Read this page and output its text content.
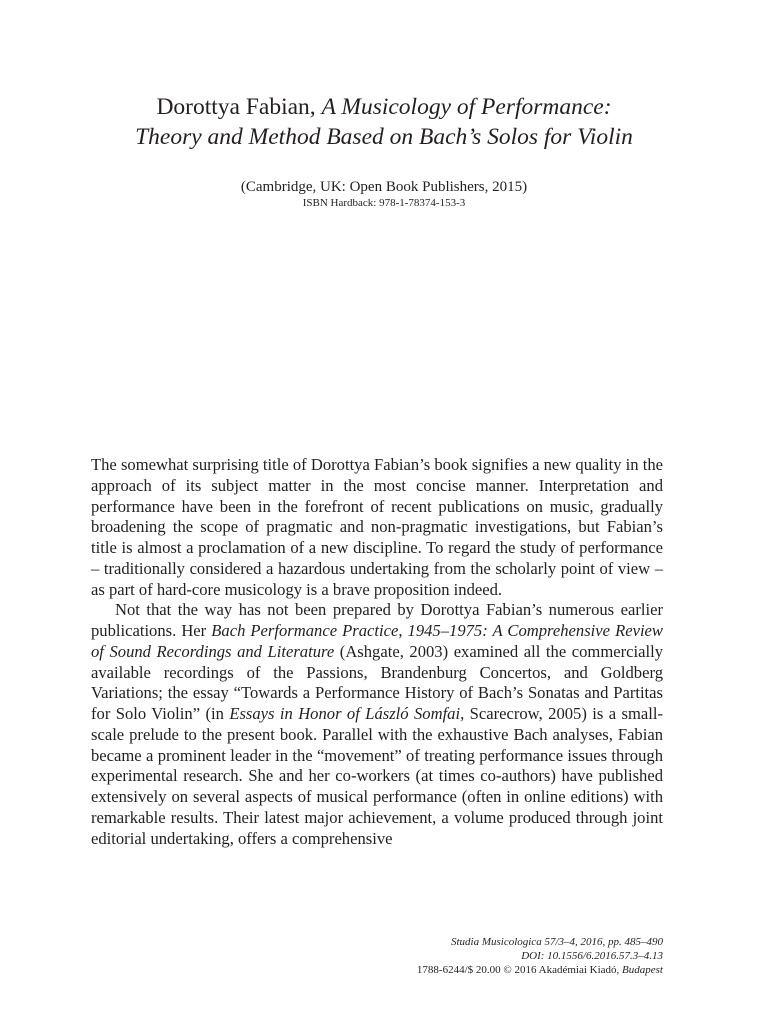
Dorottya Fabian, A Musicology of Performance:
Theory and Method Based on Bach’s Solos for Violin
(Cambridge, UK: Open Book Publishers, 2015)
ISBN Hardback: 978-1-78374-153-3

The somewhat surprising title of Dorottya Fabian’s book signifies a new quality in the approach of its subject matter in the most concise manner. Interpretation and performance have been in the forefront of recent publications on music, gradually broadening the scope of pragmatic and non-pragmatic investigations, but Fabian’s title is almost a proclamation of a new discipline. To regard the study of performance – traditionally considered a hazardous undertaking from the scholarly point of view – as part of hard-core musicology is a brave proposition indeed.

Not that the way has not been prepared by Dorottya Fabian’s numerous earlier publications. Her Bach Performance Practice, 1945–1975: A Comprehensive Review of Sound Recordings and Literature (Ashgate, 2003) examined all the commercially available recordings of the Passions, Brandenburg Concertos, and Goldberg Variations; the essay “Towards a Performance History of Bach’s Sonatas and Partitas for Solo Violin” (in Essays in Honor of László Somfai, Scarecrow, 2005) is a small-scale prelude to the present book. Parallel with the exhaustive Bach analyses, Fabian became a prominent leader in the “movement” of treating performance issues through experimental research. She and her co-workers (at times co-authors) have published extensively on several aspects of musical performance (often in online editions) with remarkable results. Their latest major achievement, a volume produced through joint editorial undertaking, offers a comprehensive

Studia Musicologica 57/3–4, 2016, pp. 485–490
DOI: 10.1556/6.2016.57.3–4.13
1788-6244/$ 20.00 © 2016 Akadémiai Kiadó, Budapest
